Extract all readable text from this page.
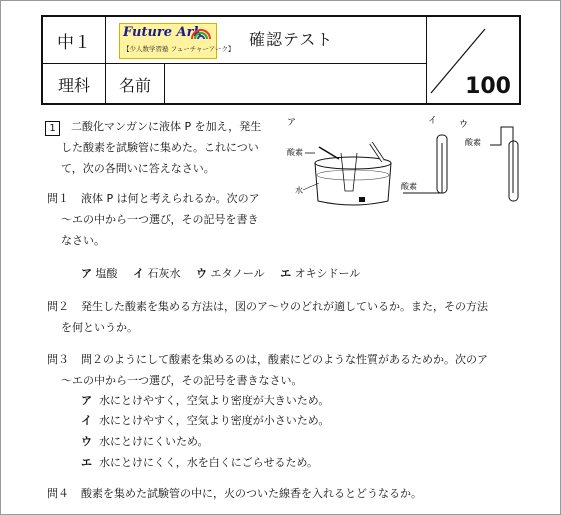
中１
理科	名前
Future Ark
【少人数学習塾 フューチャーアーク】 確認テスト
100
1	二酸化マンガンに液体 P を加え，発生
した酸素を試験管に集めた。これについ
て，次の各問いに答えなさい。
ア
酸素
水
イ
酸素
ウ
酸素
問１ 液体 P は何と考えられるか。次のア
〜エの中から一つ選び，その記号を書き
なさい。
ア 塩酸 イ 石灰水 ウ エタノール エ オキシドール
問２ 発生した酸素を集める方法は，図のア〜ウのどれが適しているか。また，その方法
を何というか。
問３ 問２のようにして酸素を集めるのは，酸素にどのような性質があるためか。次のア
〜エの中から一つ選び，その記号を書きなさい。
ア 水にとけやすく，空気より密度が大きいため。
イ 水にとけやすく，空気より密度が小さいため。
ウ 水にとけにくいため。
エ 水にとけにくく，水を白くにごらせるため。
問４ 酸素を集めた試験管の中に，火のついた線香を入れるとどうなるか。
